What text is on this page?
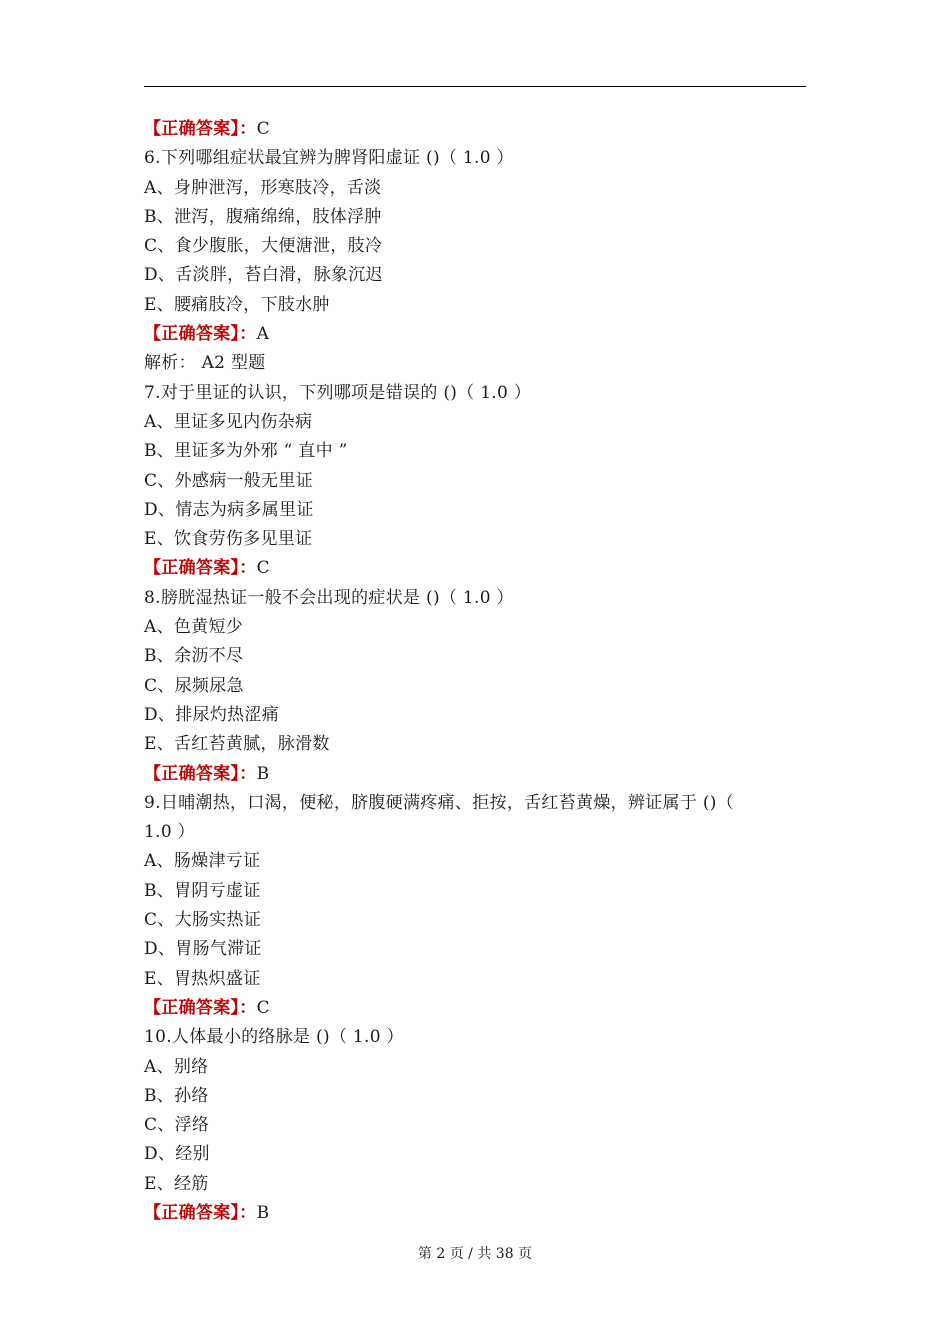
【正确答案】：C
6.下列哪组症状最宜辨为脾肾阳虚证 ()（ 1.0 ）
A、身肿泄泻，形寒肢冷，舌淡
B、泄泻，腹痛绵绵，肢体浮肿
C、食少腹胀，大便溏泄，肢冷
D、舌淡胖，苔白滑，脉象沉迟
E、腰痛肢冷，下肢水肿
【正确答案】：A
解析： A2 型题
7.对于里证的认识，下列哪项是错误的 ()（ 1.0 ）
A、里证多见内伤杂病
B、里证多为外邪 “ 直中 ”
C、外感病一般无里证
D、情志为病多属里证
E、饮食劳伤多见里证
【正确答案】：C
8.膀胱湿热证一般不会出现的症状是 ()（ 1.0 ）
A、色黄短少
B、余沥不尽
C、尿频尿急
D、排尿灼热涩痛
E、舌红苔黄腻，脉滑数
【正确答案】：B
9.日晡潮热，口渴，便秘，脐腹硬满疼痛、拒按，舌红苔黄燥，辨证属于 ()（
1.0 ）
A、肠燥津亏证
B、胃阴亏虚证
C、大肠实热证
D、胃肠气滞证
E、胃热炽盛证
【正确答案】：C
10.人体最小的络脉是 ()（ 1.0 ）
A、别络
B、孙络
C、浮络
D、经别
E、经筋
【正确答案】：B
第 2 页 / 共 38 页
